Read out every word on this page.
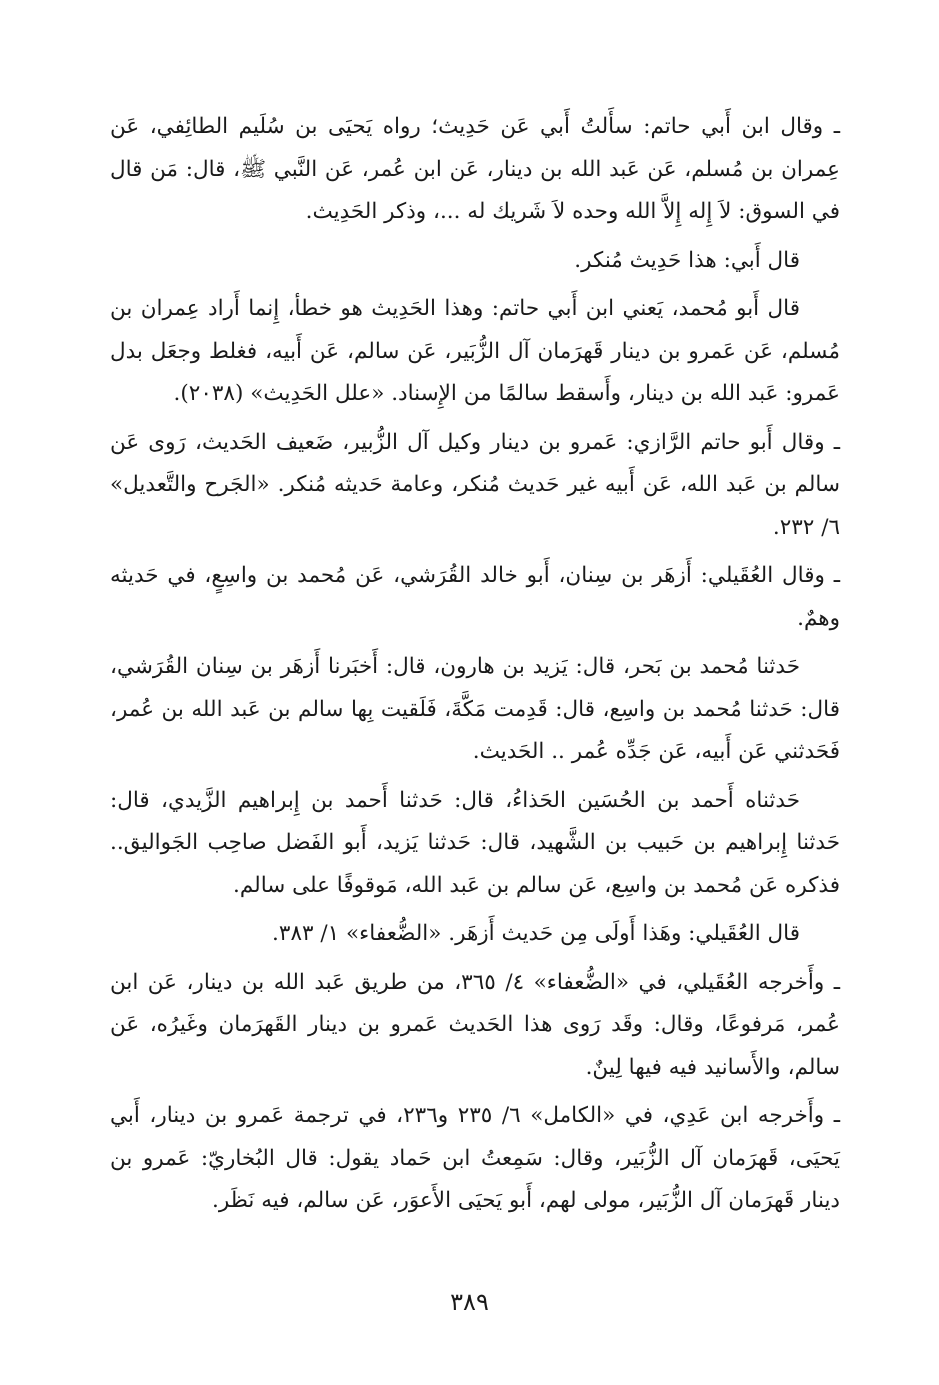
ـ وقال ابن أَبي حاتم: سأَلتُ أَبي عَن حَدِيث؛ رواه يَحيَى بن سُلَيم الطائِفي، عَن عِمران بن مُسلم، عَن عَبد الله بن دينار، عَن ابن عُمر، عَن النَّبي ﷺ، قال: مَن قال في السوق: لاَ إِله إِلاَّ الله وحده لاَ شَريك له ...، وذكر الحَدِيث.

قال أَبي: هذا حَدِيث مُنكر.

قال أَبو مُحمد، يَعني ابن أَبي حاتم: وهذا الحَدِيث هو خطأ، إِنما أَراد عِمران بن مُسلم، عَن عَمرو بن دينار قَهرَمان آل الزُّبَير، عَن سالم، عَن أَبيه، فغلط وجعَل بدل عَمرو: عَبد الله بن دينار، وأَسقط سالمًا من الإِسناد. «علل الحَدِيث» (٢٠٣٨).

ـ وقال أَبو حاتم الرَّازي: عَمرو بن دينار وكيل آل الزُّبير، ضَعيف الحَديث، رَوى عَن سالم بن عَبد الله، عَن أَبيه غير حَديث مُنكر، وعامة حَديثه مُنكر. «الجَرح والتَّعديل» ٦/ ٢٣٢.

ـ وقال العُقَيلي: أَزهَر بن سِنان، أَبو خالد القُرَشي، عَن مُحمد بن واسِعٍ، في حَديثه وهمٌ.

حَدثنا مُحمد بن بَحر، قال: يَزيد بن هارون، قال: أَخبَرنا أَزهَر بن سِنان القُرَشي، قال: حَدثنا مُحمد بن واسِع، قال: قَدِمت مَكَّةَ، فَلَقيت بِها سالم بن عَبد الله بن عُمر، فَحَدثني عَن أَبيه، عَن جَدِّه عُمر .. الحَديث.

حَدثناه أَحمد بن الحُسَين الحَذاءُ، قال: حَدثنا أَحمد بن إِبراهيم الزَّيدي، قال: حَدثنا إِبراهيم بن حَبيب بن الشَّهيد، قال: حَدثنا يَزيد، أَبو الفَضل صاحِب الجَواليق.. فذكره عَن مُحمد بن واسِع، عَن سالم بن عَبد الله، مَوقوفًا على سالم.

قال العُقَيلي: وهَذا أَولَى مِن حَديث أَزهَر. «الضُّعفاء» ١/ ٣٨٣.

ـ وأَخرجه العُقَيلي، في «الضُّعفاء» ٤/ ٣٦٥، من طريق عَبد الله بن دينار، عَن ابن عُمر، مَرفوعًا، وقال: وقَد رَوى هذا الحَديث عَمرو بن دينار القَهرَمان وغَيرُه، عَن سالم، والأَسانيد فيه فيها لِينٌ.

ـ وأَخرجه ابن عَدِي، في «الكامل» ٦/ ٢٣٥ و٢٣٦، في ترجمة عَمرو بن دينار، أَبي يَحيَى، قَهرَمان آل الزُّبَير، وقال: سَمِعتُ ابن حَماد يقول: قال البُخاريّ: عَمرو بن دينار قَهرَمان آل الزُّبَير، مولى لهم، أَبو يَحيَى الأَعوَر، عَن سالم، فيه نَظَر.

٣٨٩
